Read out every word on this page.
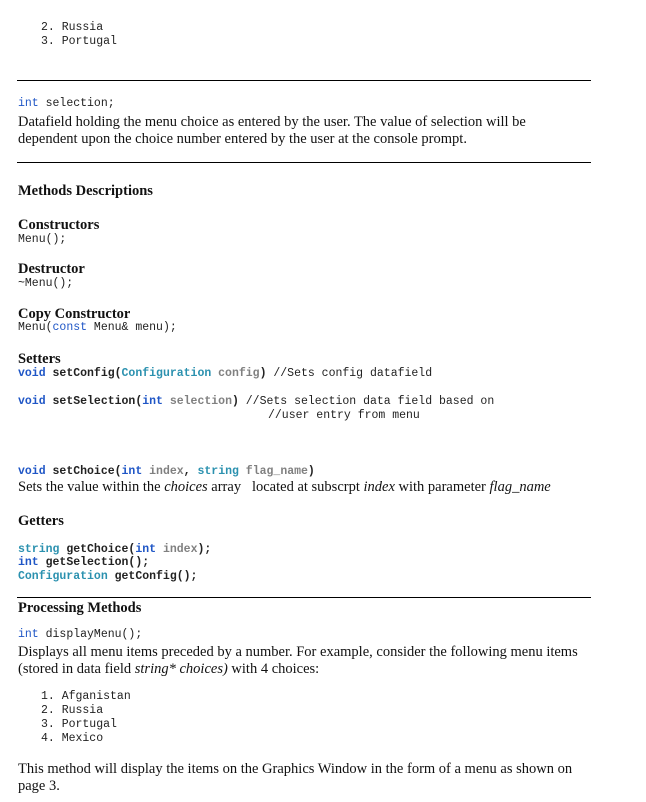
2. Russia
3. Portugal
int selection;
Datafield holding the menu choice as entered by the user. The value of selection will be dependent upon the choice number entered by the user at the console prompt.
Methods Descriptions
Constructors
Menu();
Destructor
~Menu();
Copy Constructor
Menu(const Menu& menu);
Setters
void setConfig(Configuration config) //Sets config datafield
void setSelection(int selection) //Sets selection data field based on
//user entry from menu
void setChoice(int index, string flag_name)
Sets the value within the choices array   located at subscrpt index with parameter flag_name
Getters
string getChoice(int index);
int getSelection();
Configuration getConfig();
Processing Methods
int displayMenu();
Displays all menu items preceded by a number. For example, consider the following menu items (stored in data field string* choices) with 4 choices:
1. Afganistan
2. Russia
3. Portugal
4. Mexico
This method will display the items on the Graphics Window in the form of a menu as shown on page 3.
